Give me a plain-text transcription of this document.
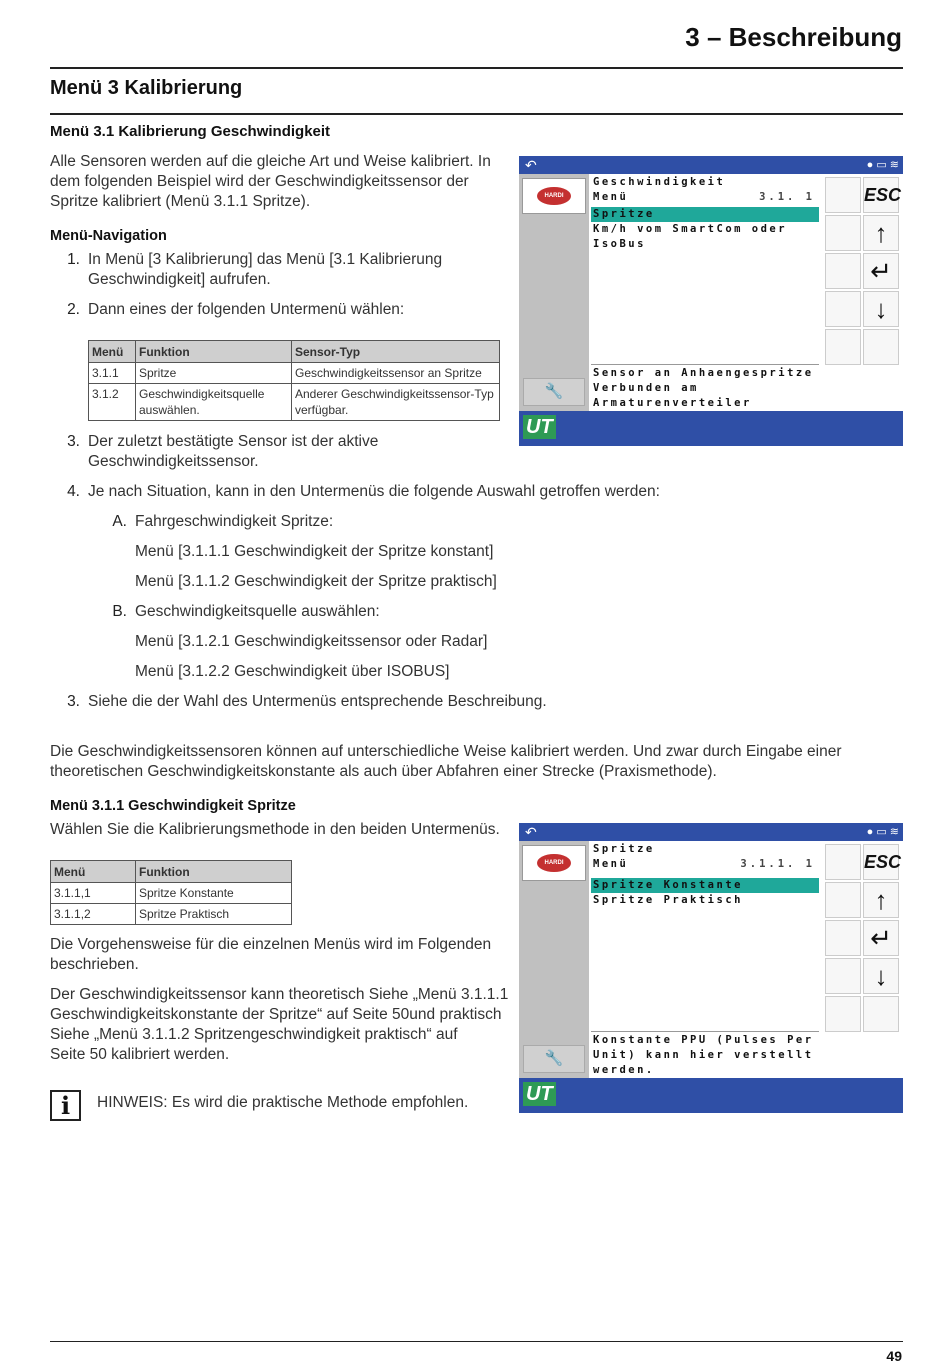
3 – Beschreibung
Menü 3 Kalibrierung
Menü 3.1 Kalibrierung Geschwindigkeit
Alle Sensoren werden auf die gleiche Art und Weise kalibriert. In
dem folgenden Beispiel wird der Geschwindigkeitssensor der
Spritze kalibriert (Menü 3.1.1 Spritze).
Menü-Navigation
1. In Menü [3 Kalibrierung] das Menü [3.1 Kalibrierung
Geschwindigkeit] aufrufen.
2. Dann eines der folgenden Untermenü wählen:
Menü	Funktion	Sensor-Typ
3.1.1	Spritze	Geschwindigkeitssensor an Spritze
3.1.2	Geschwindigkeitsquelle auswählen.	Anderer Geschwindigkeitssensor-Typ verfügbar.
3. Der zuletzt bestätigte Sensor ist der aktive
Geschwindigkeitssensor.
4. Je nach Situation, kann in den Untermenüs die folgende Auswahl getroffen werden:
A. Fahrgeschwindigkeit Spritze:
Menü [3.1.1.1 Geschwindigkeit der Spritze konstant]
Menü [3.1.1.2 Geschwindigkeit der Spritze praktisch]
B. Geschwindigkeitsquelle auswählen:
Menü [3.1.2.1 Geschwindigkeitssensor oder Radar]
Menü [3.1.2.2 Geschwindigkeit über ISOBUS]
3. Siehe die der Wahl des Untermenüs entsprechende Beschreibung.
Die Geschwindigkeitssensoren können auf unterschiedliche Weise kalibriert werden. Und zwar durch Eingabe einer
theoretischen Geschwindigkeitskonstante als auch über Abfahren einer Strecke (Praxismethode).
↶	● ▭ ≋
HARDI
🔧
Geschwindigkeit
Menü	3.1. 1
Spritze
Km/h vom SmartCom oder
IsoBus
Sensor an Anhaengespritze
Verbunden am
Armaturenverteiler
ESC
↑
↵
↓
UT
Menü 3.1.1 Geschwindigkeit Spritze
Wählen Sie die Kalibrierungsmethode in den beiden Untermenüs.
Menü	Funktion
3.1.1,1	Spritze Konstante
3.1.1,2	Spritze Praktisch
Die Vorgehensweise für die einzelnen Menüs wird im Folgenden
beschrieben.
Der Geschwindigkeitssensor kann theoretisch Siehe „Menü 3.1.1.1
Geschwindigkeitskonstante der Spritze“ auf Seite 50und praktisch
Siehe „Menü 3.1.1.2 Spritzengeschwindigkeit praktisch“ auf
Seite 50 kalibriert werden.
i	HINWEIS: Es wird die praktische Methode empfohlen.
↶	● ▭ ≋
HARDI
🔧
Spritze
Menü	3.1.1. 1
Spritze Konstante
Spritze Praktisch
Konstante PPU (Pulses Per
Unit) kann hier verstellt
werden.
ESC
↑
↵
↓
UT
49
